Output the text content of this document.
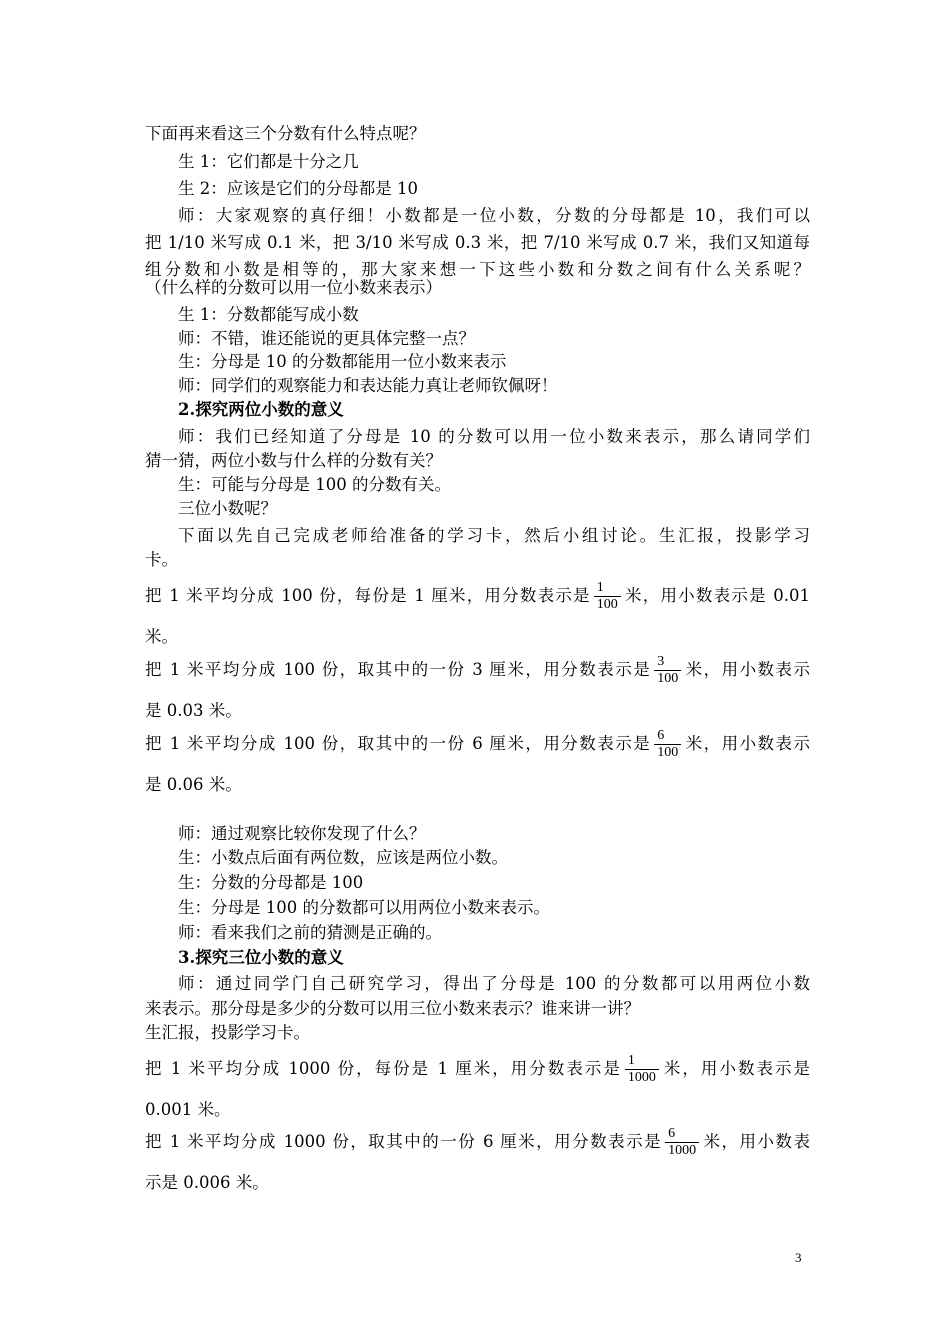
下面再来看这三个分数有什么特点呢？
生 1：它们都是十分之几
生 2：应该是它们的分母都是 10
师：大家观察的真仔细！小数都是一位小数，分数的分母都是 10，我们可以
把 1/10 米写成 0.1 米，把 3/10 米写成 0.3 米，把 7/10 米写成 0.7 米，我们又知道每
组分数和小数是相等的，那大家来想一下这些小数和分数之间有什么关系呢？
（什么样的分数可以用一位小数来表示）
生 1：分数都能写成小数
师：不错，谁还能说的更具体完整一点？
生：分母是 10 的分数都能用一位小数来表示
师：同学们的观察能力和表达能力真让老师钦佩呀！
2.探究两位小数的意义
师：我们已经知道了分母是 10 的分数可以用一位小数来表示，那么请同学们
猜一猜，两位小数与什么样的分数有关？
生：可能与分母是 100 的分数有关。
三位小数呢？
下面以先自己完成老师给准备的学习卡，然后小组讨论。生汇报，投影学习
卡。
把 1 米平均分成 100 份，每份是 1 厘米，用分数表示是 $\frac{1}{100}$ 米，用小数表示是 0.01
米。
把 1 米平均分成 100 份，取其中的一份 3 厘米，用分数表示是 $\frac{3}{100}$ 米，用小数表示
是 0.03 米。
把 1 米平均分成 100 份，取其中的一份 6 厘米，用分数表示是 $\frac{6}{100}$ 米，用小数表示
是 0.06 米。
师：通过观察比较你发现了什么？
生：小数点后面有两位数，应该是两位小数。
生：分数的分母都是 100
生：分母是 100 的分数都可以用两位小数来表示。
师：看来我们之前的猜测是正确的。
3.探究三位小数的意义
师：通过同学门自己研究学习，得出了分母是 100 的分数都可以用两位小数
来表示。那分母是多少的分数可以用三位小数来表示？谁来讲一讲？
生汇报，投影学习卡。
把 1 米平均分成 1000 份，每份是 1 厘米，用分数表示是 $\frac{1}{1000}$ 米，用小数表示是
0.001 米。
把 1 米平均分成 1000 份，取其中的一份 6 厘米，用分数表示是 $\frac{6}{1000}$ 米，用小数表
示是 0.006 米。
3
